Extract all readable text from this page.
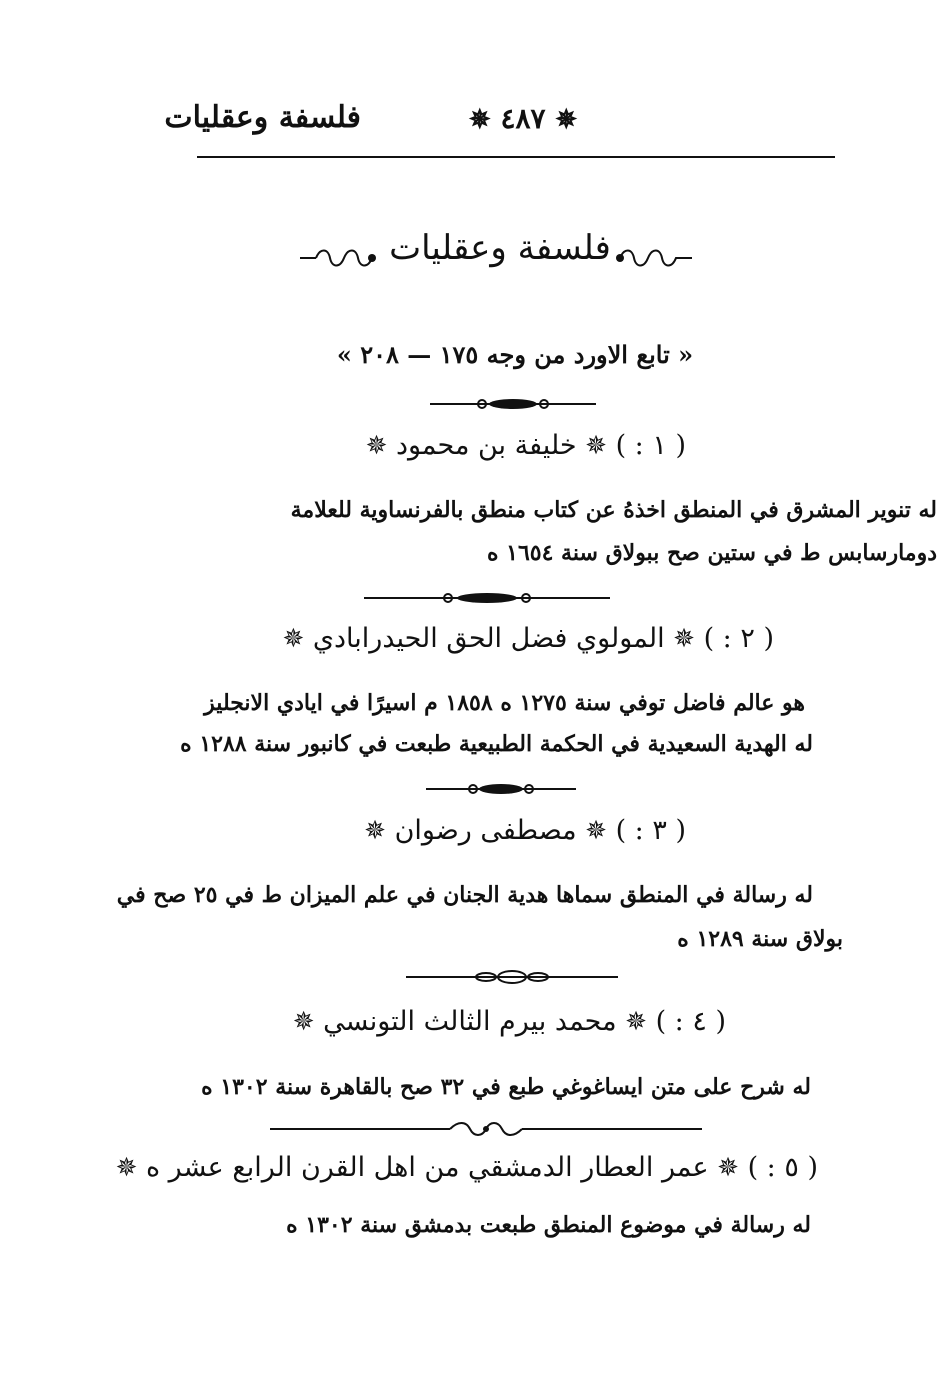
فلسفة وعقليات	✵ ٤٨٧ ✵
فلسفة وعقليات
« تابع الاورد من وجه ١٧٥ — ٢٠٨ »
( ١ : ) ✵ خليفة بن محمود ✵
له تنوير المشرق في المنطق اخذهُ عن كتاب منطق بالفرنساوية للعلامة
دومارسابس ط في ستين صح ببولاق سنة ١٦٥٤ ه
( ٢ : ) ✵ المولوي فضل الحق الحيدرابادي ✵
هو عالم فاضل توفي سنة ١٢٧٥ ه ١٨٥٨ م اسيرًا في ايادي الانجليز
له الهدية السعيدية في الحكمة الطبيعية طبعت في كانبور سنة ١٢٨٨ ه
( ٣ : ) ✵ مصطفى رضوان ✵
له رسالة في المنطق سماها هدية الجنان في علم الميزان ط في ٢٥ صح في
بولاق سنة ١٢٨٩ ه
( ٤ : ) ✵ محمد بيرم الثالث التونسي ✵
له شرح على متن ايساغوغي طبع في ٣٢ صح بالقاهرة سنة ١٣٠٢ ه
( ٥ : ) ✵ عمر العطار الدمشقي من اهل القرن الرابع عشر ه ✵
له رسالة في موضوع المنطق طبعت بدمشق سنة ١٣٠٢ ه
